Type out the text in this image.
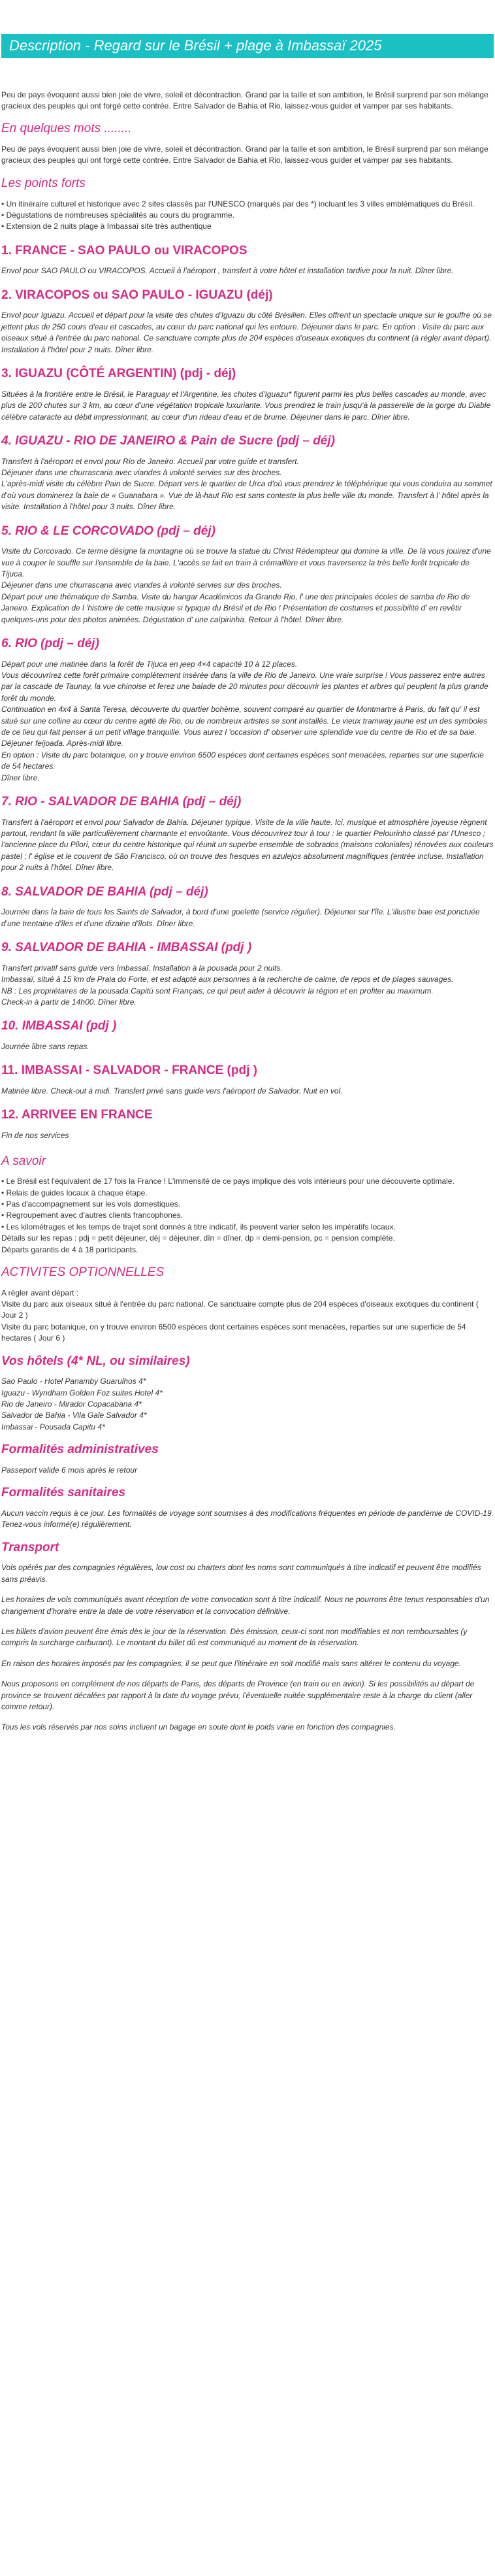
Description - Regard sur le Brésil + plage à Imbassaï 2025

Peu de pays évoquent aussi bien joie de vivre, soleil et décontraction. Grand par la taille et son ambition, le Brésil surprend par son mélange gracieux des peuples qui ont forgé cette contrée. Entre Salvador de Bahia et Rio, laissez-vous guider et vamper par ses habitants.

En quelques mots ........

Peu de pays évoquent aussi bien joie de vivre, soleil et décontraction. Grand par la taille et son ambition, le Brésil surprend par son mélange gracieux des peuples qui ont forgé cette contrée. Entre Salvador de Bahia et Rio, laissez-vous guider et vamper par ses habitants.

Les points forts

• Un itinéraire culturel et historique avec 2 sites classés par l'UNESCO (marqués par des *) incluant les 3 villes emblématiques du Brésil.
• Dégustations de nombreuses spécialités au cours du programme.
• Extension de 2 nuits plage à Imbassaï site très authentique

1. FRANCE - SAO PAULO ou VIRACOPOS

Envol pour SAO PAULO ou VIRACOPOS. Accueil à l'aéroport , transfert à votre hôtel et installation tardive pour la nuit. Dîner libre.

2. VIRACOPOS ou SAO PAULO - IGUAZU (déj)

Envol pour Iguazu. Accueil et départ pour la visite des chutes d'Iguazu du côté Brésilien. Elles offrent un spectacle unique sur le gouffre où se jettent plus de 250 cours d'eau et cascades, au cœur du parc national qui les entoure. Déjeuner dans le parc. En option : Visite du parc aux oiseaux situé à l'entrée du parc national. Ce sanctuaire compte plus de 204 espèces d'oiseaux exotiques du continent (à régler avant départ). Installation à l'hôtel pour 2 nuits. Dîner libre.

3. IGUAZU (CÔTÉ ARGENTIN) (pdj - déj)

Situées à la frontière entre le Brésil, le Paraguay et l'Argentine, les chutes d'Iguazu* figurent parmi les plus belles cascades au monde, avec plus de 200 chutes sur 3 km, au cœur d'une végétation tropicale luxuriante. Vous prendrez le train jusqu'à la passerelle de la gorge du Diable célèbre cataracte au débit impressionnant, au cœur d'un rideau d'eau et de brume. Déjeuner dans le parc. Dîner libre.

4. IGUAZU - RIO DE JANEIRO & Pain de Sucre (pdj – déj)

Transfert à l'aéroport et envol pour Rio de Janeiro. Accueil par votre guide et transfert.
Déjeuner dans une churrascaria avec viandes à volonté servies sur des broches.
L'après-midi visite du célèbre Pain de Sucre. Départ vers le quartier de Urca d'où vous prendrez le téléphérique qui vous conduira au sommet d'où vous dominerez la baie de « Guanabara ». Vue de là-haut Rio est sans conteste la plus belle ville du monde. Transfert à l' hôtel après la visite. Installation à l'hôtel pour 3 nuits. Dîner libre.

5. RIO & LE CORCOVADO (pdj – déj)

Visite du Corcovado. Ce terme désigne la montagne où se trouve la statue du Christ Rédempteur qui domine la ville. De là vous jouirez d'une vue à couper le souffle sur l'ensemble de la baie. L'accès se fait en train à crémaillère et vous traverserez la très belle forêt tropicale de Tijuca.
Déjeuner dans une churrascaria avec viandes à volonté servies sur des broches.
Départ pour une thématique de Samba. Visite du hangar Académicos da Grande Rio, l' une des principales écoles de samba de Rio de Janeiro. Explication de l 'histoire de cette musique si typique du Brésil et de Rio ! Présentation de costumes et possibilité d' en revêtir quelques-uns pour des photos animées. Dégustation d' une caïpirinha. Retour à l'hôtel. Dîner libre.

6. RIO (pdj – déj)

Départ pour une matinée dans la forêt de Tijuca en jeep 4×4 capacité 10 à 12 places.
Vous découvrirez cette forêt primaire complètement insérée dans la ville de Rio de Janeiro. Une vraie surprise ! Vous passerez entre autres par la cascade de Taunay, la vue chinoise et ferez une balade de 20 minutes pour découvrir les plantes et arbres qui peuplent la plus grande forêt du monde.
Continuation en 4x4 à Santa Teresa, découverte du quartier bohème, souvent comparé au quartier de Montmartre à Paris, du fait qu' il est situé sur une colline au cœur du centre agité de Rio, ou de nombreux artistes se sont installés. Le vieux tramway jaune est un des symboles de ce lieu qui fait penser à un petit village tranquille. Vous aurez l 'occasion d' observer une splendide vue du centre de Rio et de sa baie. Déjeuner feijoada. Après-midi libre.
En option : Visite du parc botanique, on y trouve environ 6500 espèces dont certaines espèces sont menacées, reparties sur une superficie de 54 hectares.
Dîner libre.

7. RIO - SALVADOR DE BAHIA (pdj – déj)

Transfert à l'aéroport et envol pour Salvador de Bahia. Déjeuner typique. Visite de la ville haute. Ici, musique et atmosphère joyeuse règnent partout, rendant la ville particulièrement charmante et envoûtante. Vous découvrirez tour à tour : le quartier Pelourinho classé par l'Unesco ; l'ancienne place du Pilori, cœur du centre historique qui réunit un superbe ensemble de sobrados (maisons coloniales) rénovées aux couleurs pastel ; l' église et le couvent de São Francisco, où on trouve des fresques en azulejos absolument magnifiques (entrée incluse. Installation pour 2 nuits à l'hôtel. Dîner libre.

8. SALVADOR DE BAHIA (pdj – déj)

Journée dans la baie de tous les Saints de Salvador, à bord d'une goelette (service régulier). Déjeuner sur l'île. L'illustre baie est ponctuée d'une trentaine d'îles et d'une dizaine d'îlots. Dîner libre.

9. SALVADOR DE BAHIA - IMBASSAI (pdj )

Transfert privatif sans guide vers Imbassaï. Installation à la pousada pour 2 nuits.
Imbassaï, situé à 15 km de Praia do Forte, et est adapté aux personnes à la recherche de calme, de repos et de plages sauvages.
NB : Les propriétaires de la pousada Capitú sont Français, ce qui peut aider à découvrir la région et en profiter au maximum.
Check-in à partir de 14h00. Dîner libre.

10. IMBASSAI (pdj )

Journée libre sans repas.

11. IMBASSAI - SALVADOR - FRANCE (pdj )

Matinée libre. Check-out à midi. Transfert privé sans guide vers l'aéroport de Salvador. Nuit en vol.

12. ARRIVEE EN FRANCE

Fin de nos services

A savoir

• Le Brésil est l'équivalent de 17 fois la France ! L'immensité de ce pays implique des vols intérieurs pour une découverte optimale.
• Relais de guides locaux à chaque étape.
• Pas d'accompagnement sur les vols domestiques.
• Regroupement avec d'autres clients francophones.
• Les kilométrages et les temps de trajet sont donnés à titre indicatif, ils peuvent varier selon les impératifs locaux.
Détails sur les repas : pdj = petit déjeuner, déj = déjeuner, dîn = dîner, dp = demi-pension, pc = pension complète.
Départs garantis de 4 à 18 participants.

ACTIVITES OPTIONNELLES

A régler avant départ :
Visite du parc aux oiseaux situé à l'entrée du parc national. Ce sanctuaire compte plus de 204 espèces d'oiseaux exotiques du continent ( Jour 2 )
Visite du parc botanique, on y trouve environ 6500 espèces dont certaines espèces sont menacées, reparties sur une superficie de 54 hectares ( Jour 6 )

Vos hôtels (4* NL, ou similaires)

Sao Paulo - Hotel Panamby Guarulhos 4*
Iguazu - Wyndham Golden Foz suites Hotel 4*
Rio de Janeiro - Mirador Copacabana 4*
Salvador de Bahia - Vila Gale Salvador 4*
Imbassai - Pousada Capitu 4*

Formalités administratives

Passeport valide 6 mois après le retour

Formalités sanitaires

Aucun vaccin requis à ce jour. Les formalités de voyage sont soumises à des modifications fréquentes en période de pandémie de COVID-19. Tenez-vous informé(e) régulièrement.

Transport

Vols opérés par des compagnies régulières, low cost ou charters dont les noms sont communiqués à titre indicatif et peuvent être modifiés sans préavis.

Les horaires de vols communiqués avant réception de votre convocation sont à titre indicatif. Nous ne pourrons être tenus responsables d'un changement d'horaire entre la date de votre réservation et la convocation définitive.

Les billets d'avion peuvent être émis dès le jour de la réservation. Dès émission, ceux-ci sont non modifiables et non remboursables (y compris la surcharge carburant). Le montant du billet dû est communiqué au moment de la réservation.

En raison des horaires imposés par les compagnies, il se peut que l'itinéraire en soit modifié mais sans altérer le contenu du voyage.

Nous proposons en complément de nos départs de Paris, des départs de Province (en train ou en avion). Si les possibilités au départ de province se trouvent décalées par rapport à la date du voyage prévu, l'éventuelle nuitée supplémentaire reste à la charge du client (aller comme retour).

Tous les vols réservés par nos soins incluent un bagage en soute dont le poids varie en fonction des compagnies.
